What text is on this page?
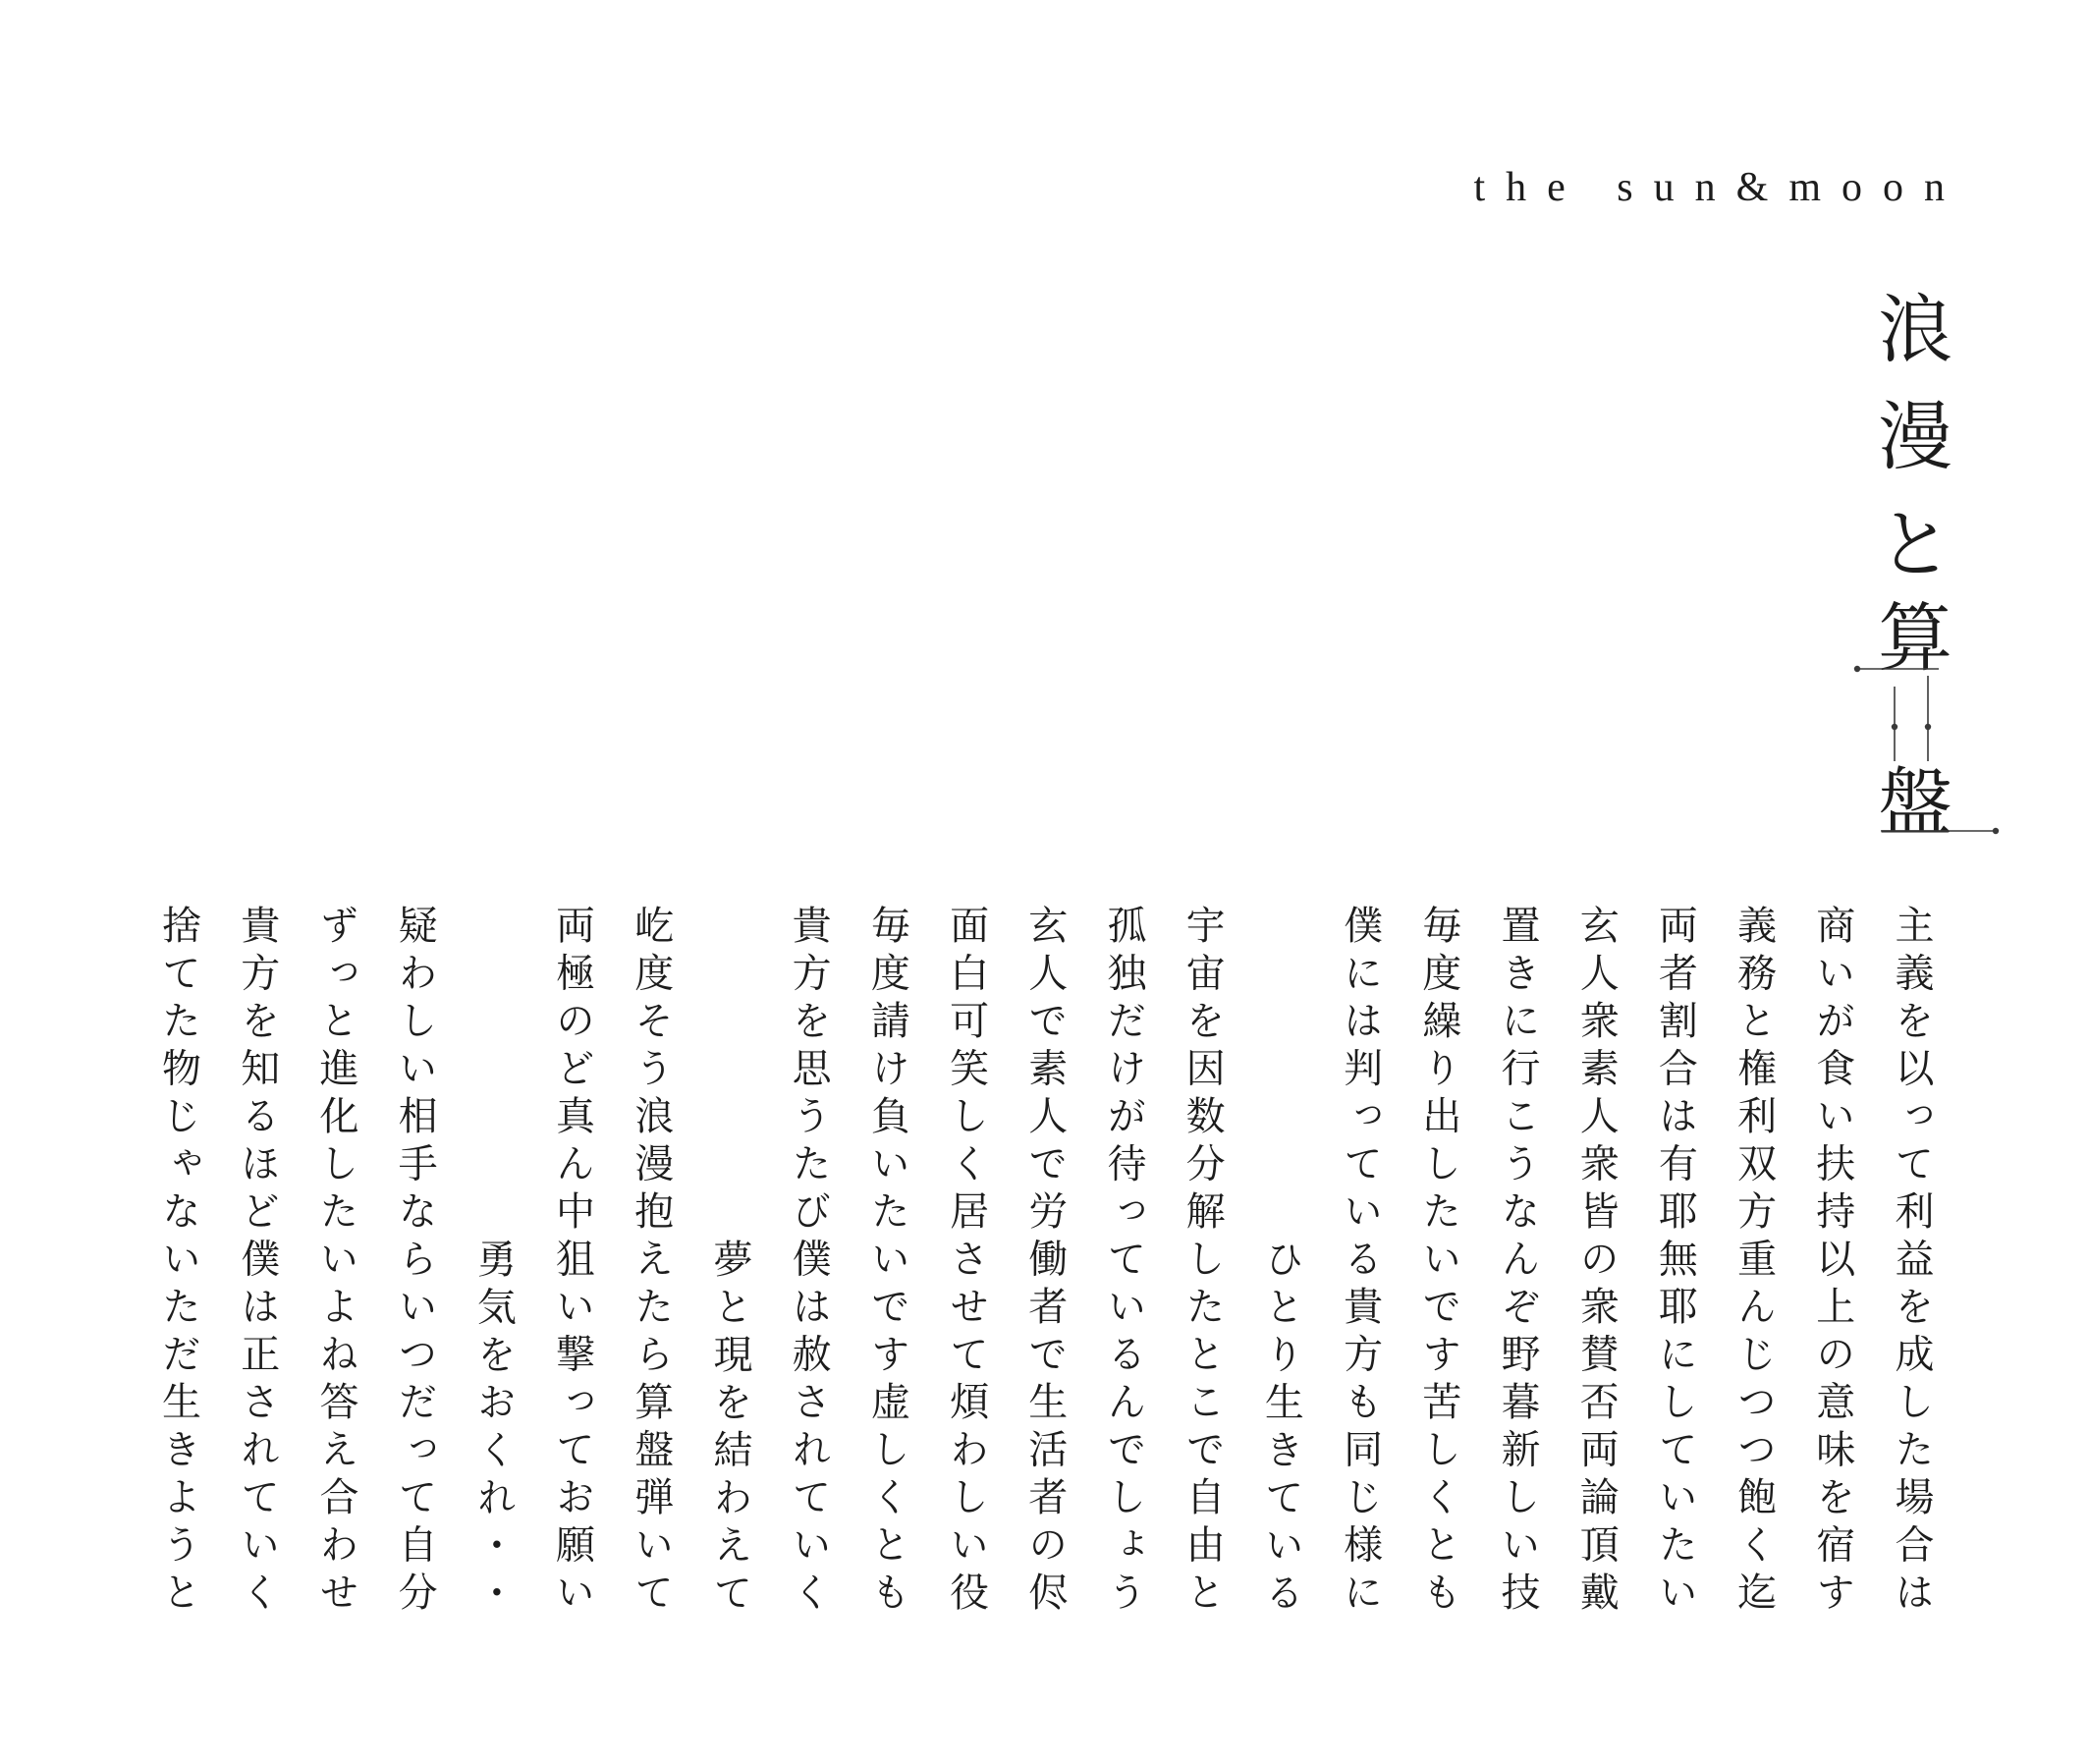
the sun&moon
浪
漫
と
算
盤
主義を以って利益を成した場合は
商いが食い扶持以上の意味を宿す
義務と権利双方重んじつつ飽く迄
両者割合は有耶無耶にしていたい
玄人衆素人衆皆の衆賛否両論頂戴
置きに行こうなんぞ野暮新しい技
毎度繰り出したいです苦しくとも
僕には判っている貴方も同じ様に
ひとり生きている
宇宙を因数分解したとこで自由と
孤独だけが待っているんでしょう
玄人で素人で労働者で生活者の侭
面白可笑しく居させて煩わしい役
毎度請け負いたいです虚しくとも
貴方を思うたび僕は赦されていく
夢と現を結わえて
屹度そう浪漫抱えたら算盤弾いて
両極のど真ん中狙い撃ってお願い
勇気をおくれ・・
疑わしい相手ならいつだって自分
ずっと進化したいよね答え合わせ
貴方を知るほど僕は正されていく
捨てた物じゃないただ生きようと
